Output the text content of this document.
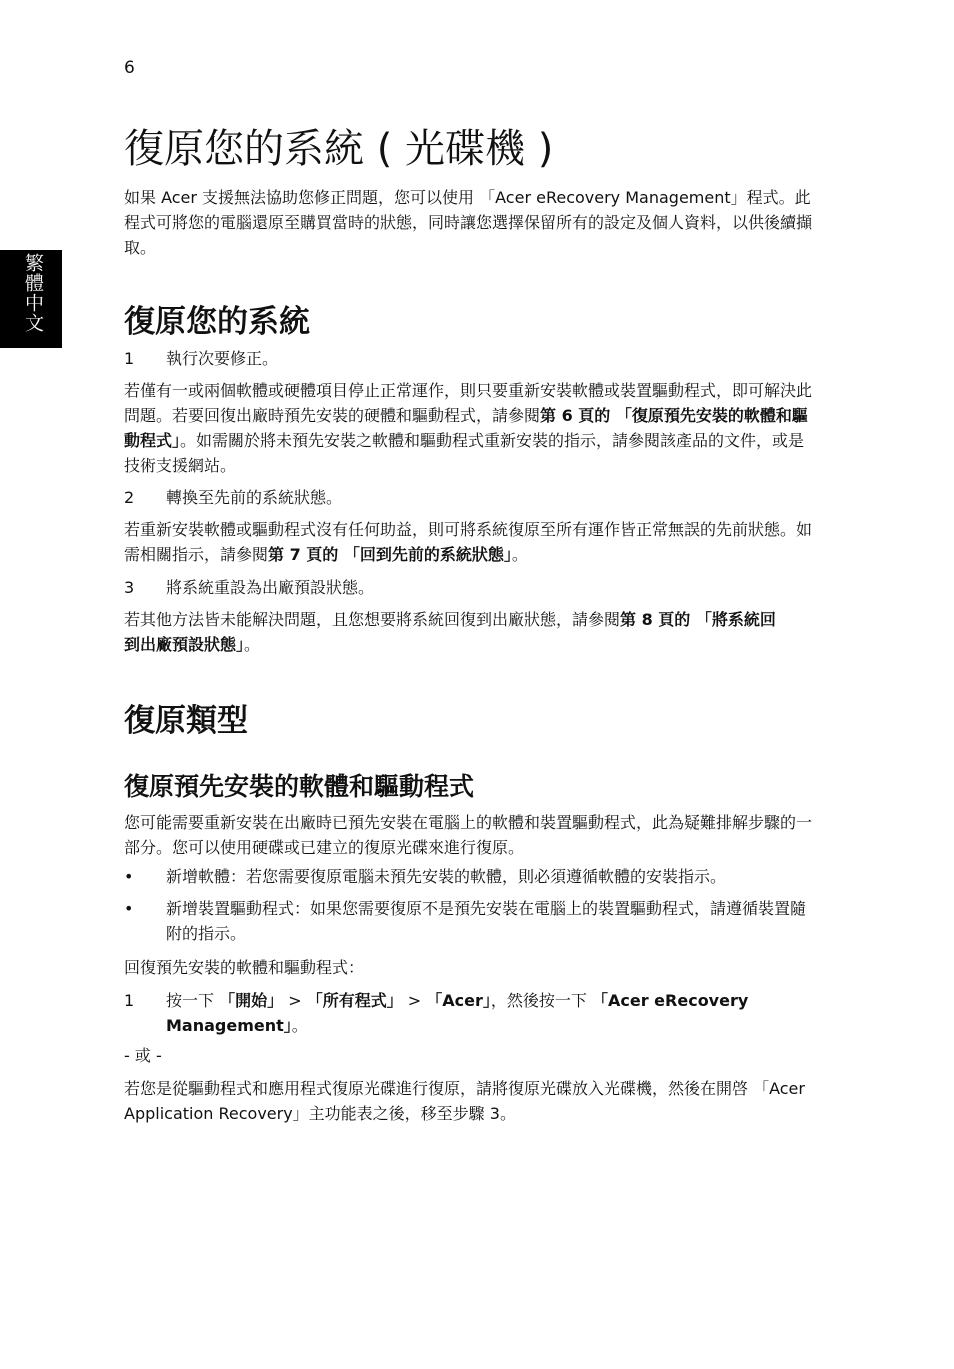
6
繁體中文
復原您的系統 ( 光碟機 )

如果 Acer 支援無法協助您修正問題，您可以使用 「Acer eRecovery Management」程式。此程式可將您的電腦還原至購買當時的狀態，同時讓您選擇保留所有的設定及個人資料，以供後續擷取。

復原您的系統
1 執行次要修正。

若僅有一或兩個軟體或硬體項目停止正常運作，則只要重新安裝軟體或裝置驅動程式，即可解決此問題。若要回復出廠時預先安裝的硬體和驅動程式，請參閱第 6 頁的 「復原預先安裝的軟體和驅動程式」。如需關於將未預先安裝之軟體和驅動程式重新安裝的指示，請參閱該產品的文件，或是技術支援網站。

2 轉換至先前的系統狀態。

若重新安裝軟體或驅動程式沒有任何助益，則可將系統復原至所有運作皆正常無誤的先前狀態。如需相關指示，請參閱第 7 頁的 「回到先前的系統狀態」。

3 將系統重設為出廠預設狀態。

若其他方法皆未能解決問題，且您想要將系統回復到出廠狀態，請參閱第 8 頁的 「將系統回到出廠預設狀態」。

復原類型
復原預先安裝的軟體和驅動程式

您可能需要重新安裝在出廠時已預先安裝在電腦上的軟體和裝置驅動程式，此為疑難排解步驟的一部分。您可以使用硬碟或已建立的復原光碟來進行復原。

• 新增軟體：若您需要復原電腦未預先安裝的軟體，則必須遵循軟體的安裝指示。
• 新增裝置驅動程式：如果您需要復原不是預先安裝在電腦上的裝置驅動程式，請遵循裝置隨附的指示。

回復預先安裝的軟體和驅動程式：

1 按一下 「開始」 > 「所有程式」 > 「Acer」，然後按一下 「Acer eRecovery Management」。

- 或 -

若您是從驅動程式和應用程式復原光碟進行復原，請將復原光碟放入光碟機，然後在開啓 「Acer Application Recovery」主功能表之後，移至步驟 3。
